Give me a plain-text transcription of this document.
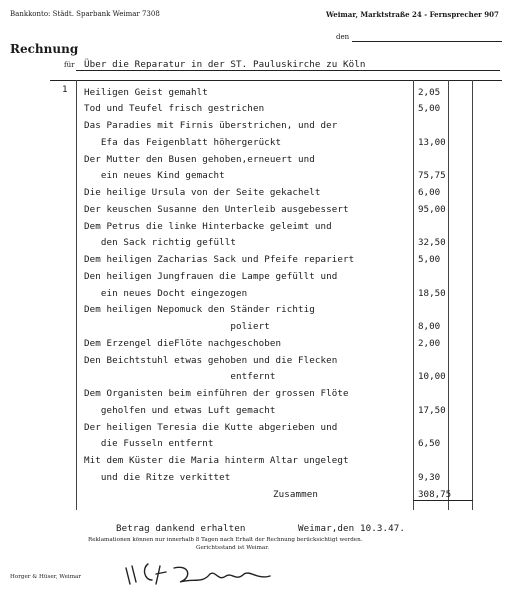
Bankkonto: Städt. Sparbank Weimar 7308	Weimar, Marktstraße 24 - Fernsprecher 907
den
Rechnung
für Über die Reparatur in der ST. Pauluskirche zu Köln
1 Heiligen Geist gemahlt	2,05
Tod und Teufel frisch gestrichen	5,00
Das Paradies mit Firnis überstrichen, und der
Efa das Feigenblatt höhergerückt	13,00
Der Mutter den Busen gehoben,erneuert und
ein neues Kind gemacht	75,75
Die heilige Ursula von der Seite gekachelt	6,00
Der keuschen Susanne den Unterleib ausgebessert	95,00
Dem Petrus die linke Hinterbacke geleimt und
den Sack richtig gefüllt	32,50
Dem heiligen Zacharias Sack und Pfeife repariert	5,00
Den heiligen Jungfrauen die Lampe gefüllt und
ein neues Docht eingezogen	18,50
Dem heiligen Nepomuck den Ständer richtig
poliert	8,00
Dem Erzengel dieFlöte nachgeschoben	2,00
Den Beichtstuhl etwas gehoben und die Flecken
entfernt	10,00
Dem Organisten beim einführen der grossen Flöte
geholfen und etwas Luft gemacht	17,50
Der heiligen Teresia die Kutte abgerieben und
die Fusseln entfernt	6,50
Mit dem Küster die Maria hinterm Altar ungelegt
und die Ritze verkittet	9,30
Zusammen	308,75
Betrag dankend erhalten	Weimar,den 10.3.47.
Reklamationen können nur innerhalb 8 Tagen nach Erhalt der Rechnung berücksichtigt werden.
Gerichtsstand ist Weimar.
Horger & Hüser, Weimar
